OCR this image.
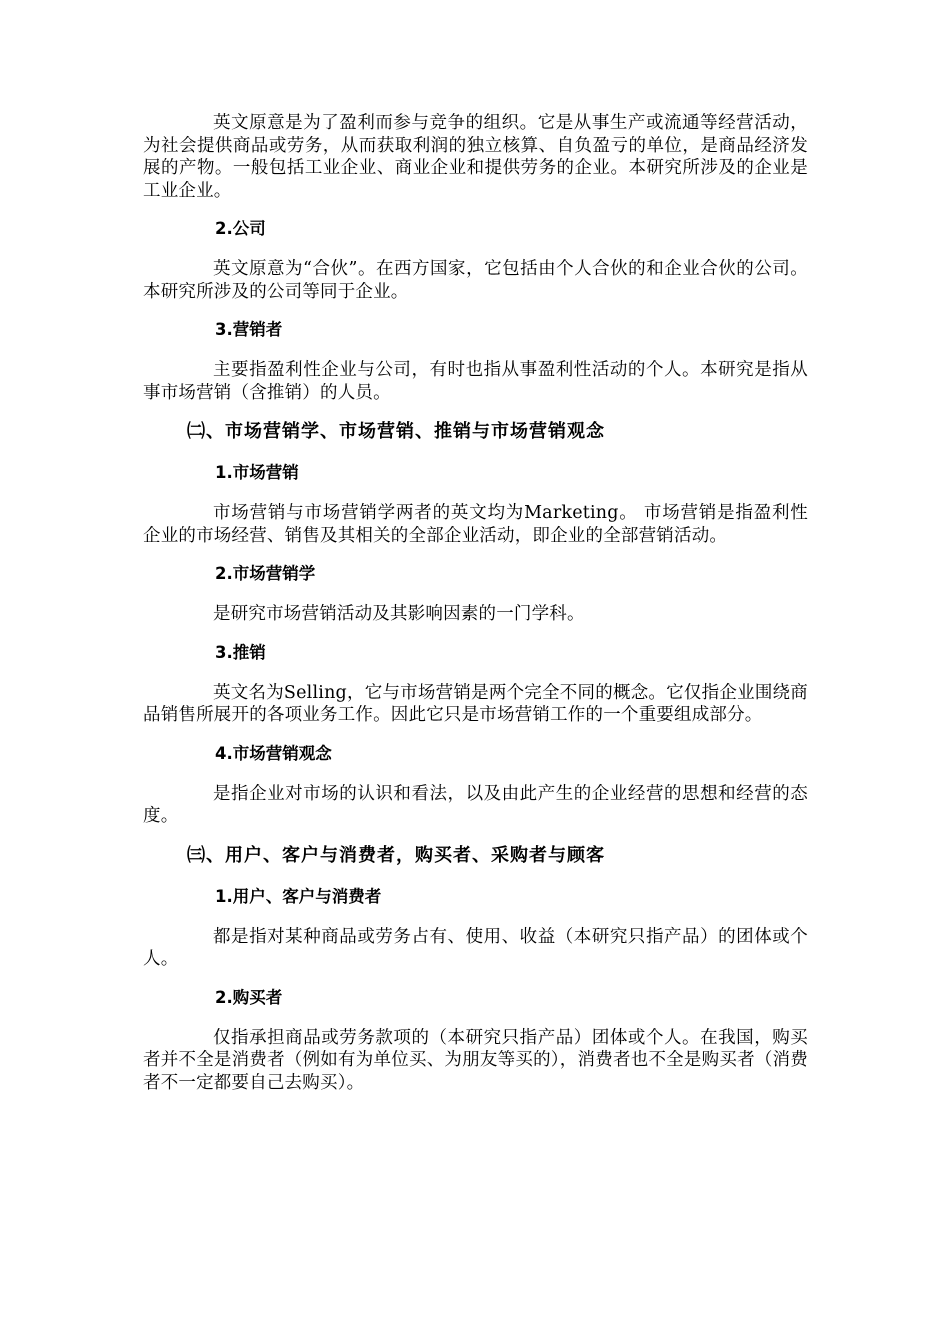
英文原意是为了盈利而参与竞争的组织。它是从事生产或流通等经营活动，为社会提供商品或劳务，从而获取利润的独立核算、自负盈亏的单位，是商品经济发展的产物。一般包括工业企业、商业企业和提供劳务的企业。本研究所涉及的企业是工业企业。

2.公司

英文原意为“合伙”。在西方国家，它包括由个人合伙的和企业合伙的公司。本研究所涉及的公司等同于企业。

3.营销者

主要指盈利性企业与公司，有时也指从事盈利性活动的个人。本研究是指从事市场营销（含推销）的人员。

㈡、市场营销学、市场营销、推销与市场营销观念
1.市场营销

市场营销与市场营销学两者的英文均为Marketing。 市场营销是指盈利性企业的市场经营、销售及其相关的全部企业活动，即企业的全部营销活动。

2.市场营销学

是研究市场营销活动及其影响因素的一门学科。

3.推销

英文名为Selling，它与市场营销是两个完全不同的概念。它仅指企业围绕商品销售所展开的各项业务工作。因此它只是市场营销工作的一个重要组成部分。

4.市场营销观念

是指企业对市场的认识和看法，以及由此产生的企业经营的思想和经营的态度。

㈢、用户、客户与消费者，购买者、采购者与顾客
1.用户、客户与消费者

都是指对某种商品或劳务占有、使用、收益（本研究只指产品）的团体或个人。

2.购买者

仅指承担商品或劳务款项的（本研究只指产品）团体或个人。在我国，购买者并不全是消费者（例如有为单位买、为朋友等买的），消费者也不全是购买者（消费者不一定都要自己去购买）。
